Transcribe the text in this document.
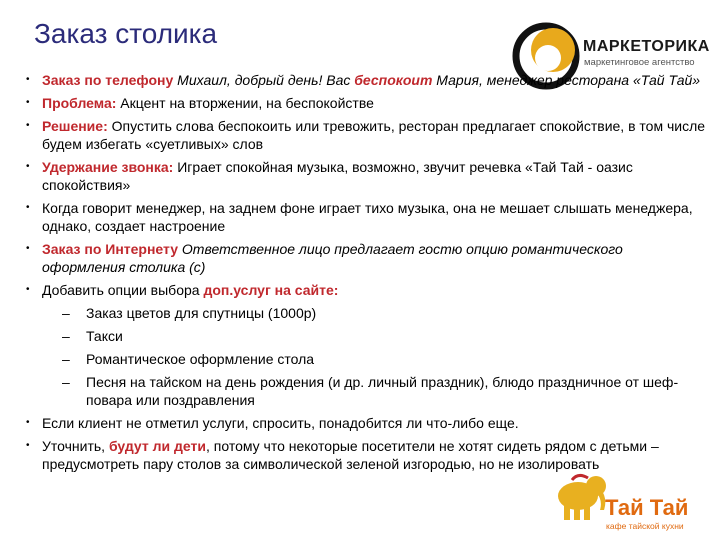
Заказ столика	МАРКЕТОРИКА
маркетинговое агентство
• Заказ по телефону Михаил, добрый день! Вас беспокоит Мария, менеджер ресторана «Тай Тай»
• Проблема: Акцент на вторжении, на беспокойстве
• Решение: Опустить слова беспокоить или тревожить, ресторан предлагает спокойствие, в том числе будем избегать «суетливых» слов
• Удержание звонка: Играет спокойная музыка, возможно, звучит речевка «Тай Тай - оазис спокойствия»
• Когда говорит менеджер, на заднем фоне играет тихо музыка, она не мешает слышать менеджера, однако, создает настроение
• Заказ по Интернету Ответственное лицо предлагает гостю опцию романтического оформления столика (с)
• Добавить опции выбора доп.услуг на сайте:
– Заказ цветов для спутницы (1000р)
– Такси
– Романтическое оформление стола
– Песня на тайском на день рождения (и др. личный праздник), блюдо праздничное от шеф-повара или поздравления
• Если клиент не отметил услуги, спросить, понадобится ли что-либо еще.
• Уточнить, будут ли дети, потому что некоторые посетители не хотят сидеть рядом с детьми – предусмотреть пару столов за символической зеленой изгородью, но не изолировать
Тай Тай
кафе тайской кухни
